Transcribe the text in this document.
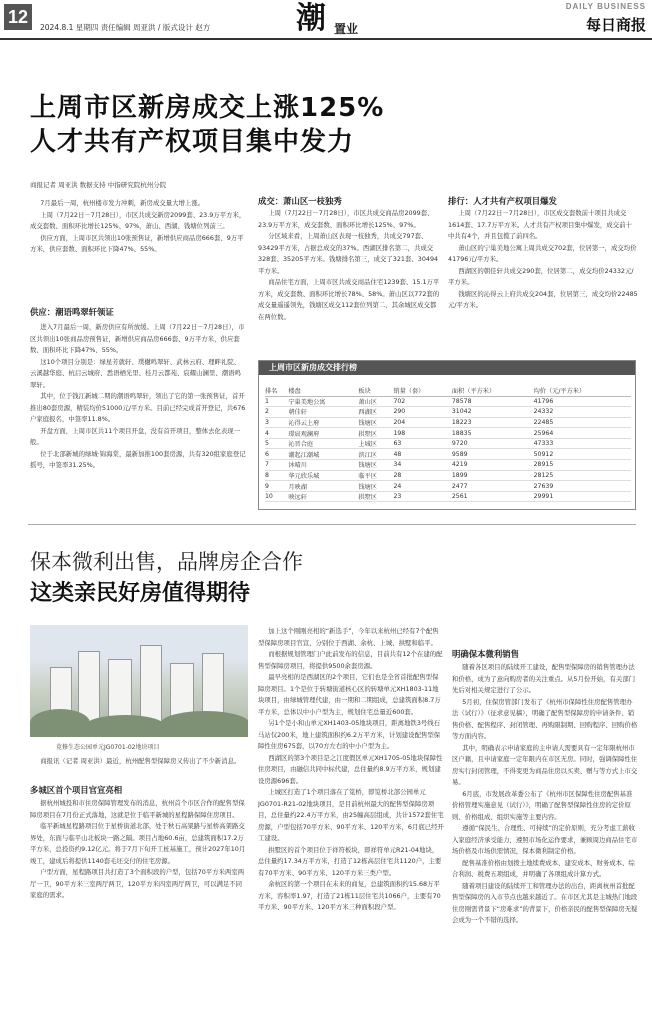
12
2024.8.1 星期四 责任编辑 周亚洪 / 版式设计 赵方	潮 置业
DAILY BUSINESS
每日商报
上周市区新房成交上涨125%
人才共有产权项目集中发力
商报记者 周亚洪 数据支持 中指研究院杭州分院

7月最后一周，杭州楼市发力冲刺，新房成交量大增上涨。

上周（7月22日－7月28日），市区共成交新房2099套、23.9万平方米，成交套数、面积环比增长125%、97%，萧山、西湖、钱塘位列前三。

供应方面，上周市区共领出10张预售证，新增供应商品房666套、9万平方米，供应套数、面积环比下降47%、55%。

供应：潮语鸣翠轩领证

进入7月最后一周，新房供应有所放缓。上周（7月22日－7月28日），市区共领出10张商品房预售证，新增供应商品房666套、9万平方米，供应套数、面积环比下降47%、55%。

这10个项目分别是：绿星芳就轩、璞樾鸣翠轩、武林云府、理畔礼院、云溪越华庭、杭启云城府、悉语栖光里、桂月云都苑、宸耀山澜里、潮语鸣翠轩。

其中，位于钱江新城二期的潮语鸣翠轩，领出了它的第一张预售证，首开推出80套房源，精装均价51000元/平方米。目前已经完成首开登记，共676户家庭报名，中签率11.8%。

开盘方面，上周市区共11个项目开盘，没有首开项目，整体去化表现一般。

位于北部新城的绿城·锦海棠，最新加推100套房源，共有320组家庭登记摇号，中签率31.25%。

成交：萧山区一枝独秀

上周（7月22日－7月28日），市区共成交商品房2099套、23.9万平方米，成交套数、面积环比增长125%、97%。

分区域来看，上周萧山区表现一枝独秀，共成交797套、93429平方米，占据总成交的37%。西湖区排名第二，共成交328套、35205平方米。钱塘排名第三，成交了321套、30494平方米。

商品住宅方面，上周市区共成交商品住宅1239套、15.1万平方米，成交套数、面积环比增长78%、58%。萧山区以772套的成交量遥遥领先，钱塘区成交112套位列第二，其余城区成交都在两位数。

排行：人才共有产权项目爆发

上周（7月22日－7月28日），市区成交套数前十项目共成交1614套、17.7万平方米。人才共有产权项目集中爆发，成交前十中共有4个，并且包揽了前四名。

萧山区的宁巢美地公寓上周共成交702套，位居第一，成交均价41796元/平方米。

西湖区的朝佳轩共成交290套，位居第二，成交均价24332元/平方米。

钱塘区的沁得云上府共成交204套，位居第三，成交均价22485元/平方米。

上周市区新房成交排行榜
排名	楼盘	板块	销量（套）	面积（平方米）	均价（元/平方米）
1	宁巢美地公寓	萧山区	702	78578	41796
2	朝佳轩	西湖区	290	31042	24332
3	沁得云上府	钱塘区	204	18223	22485
4	璟宸观澜府	拱墅区	198	18835	25964
5	沁晋合庭	上城区	63	9720	47333
6	潮起江潮城	滨江区	48	9589	50912
7	沐晴川	钱塘区	34	4219	28915
8	华元欣乐城	临平区	28	1899	28125
9	月映湖	钱塘区	24	2477	27639
10	映远轩	拱墅区	23	2561	29991
保本微利出售，品牌房企合作
这类亲民好房值得期待
莧修生态公园单元JG0701-02地块项目

商报讯（记者 周亚洪）最近，杭州配售型保障房又传出了不少新消息。

多城区首个项目官宣亮相

据杭州城投和市住房保障管理发布的消息，杭州首个市区合作的配售型保障房项目在7月份正式落地，这就是位于临平新城的星程路保障住房项目。

临平新城星程路项目位于星桥街道北部，处于秋石高架路与星桥高架路交界处，东面与临平山北板块一路之隔。项目占地60.6亩，总建筑面积17.2万平方米，总投资约9.12亿元。将于7月下旬开工桩基施工，预计2027年10月竣工，建成后将提供1140套毛坯交付的住宅房源。

户型方面，星程路项目共打造了3个面积段的户型，包括70平方米两室两厅一卫，90平方米三室两厅两卫，120平方米四室两厅两卫，可以满足不同家庭的需求。

加上这个刚刚亮相的“新选手”，今年以来杭州已经有7个配售型保障房项目官宣，分别位于西湖、余杭、上城、拱墅和临平。

而根据规划管理门户此前发布的信息，目前共有12个在建的配售型保障房项目，将提供9500余套房源。

最早亮相的是西湖区的2个项目，它们也是全省首批配售型保障房项目。1个是位于转塘街道核心区的转塘单元XH1803-11地块项目，由绿城管理代建，由一期和二期组成，总建筑面积8.7万平方米，总体以中小户型为主，规划住宅总量近600套。

另1个是小和山单元XH1403-05地块项目，距离地铁3号线石马站仅200米，地上建筑面积约6.2万平方米，计划建设配售型保障性住房675套，以70方左右的中小户型为主。

西湖区的第3个项目是之江度假区单元XH1705-05地块保障性住房项目，由融信共同中标代建，总住量约8.9万平方米，规划建设房源696套。

上城区打造了1个项目落在了笕桥，即笕桥北部公园单元JG0701-R21-02地块项目，是目前杭州最大的配售型保障房项目，总住量约22.4万平方米，由25幢高层组成，共计1572套住宅房源，户型包括70平方米、90平方米、120平方米，6月底已经开工建设。

拱墅区的首个项目位于祥符板块，即祥符单元R21-04地块，总住量约17.34万平方米，打造了12栋高层住宅共1120户，主要有70平方米、90平方米、120平方米三类户型。

余杭区的第一个项目在未来的商复，总建筑面积约15.68万平方米，容积率1.97，打造了21栋11层住宅共1066户，主要有70平方米、90平方米、120平方米三种面积段户型。

明确保本微利销售

随着各区项目的陆续开工建设，配售型保障房的销售管理办法和价格，成为了意向购房者的关注重点。从5月份开始，有关部门先后对相关规定进行了公示。

5月初，住保房管部门发布了《杭州市保障性住房配售管理办法（试行）》（征求意见稿），明确了配售型保障房的申请条件、销售价格、配售程序、封闭管理、再购限制期、回购程序、回购价格等方面内容。

其中，明确表示申请家庭的主申请人需要具有一定年限杭州市区户籍，且申请家庭一定年限内在市区无房。同时，强调保障性住房实行封闭管理，不得变更为商品住房以买卖、赠与等方式上市交易。

6月底，市发展改革委公布了《杭州市区保障性住房配售基准价格管理实施意见（试行）》，明确了配售型保障性住房的定价原则、价格组成、组织实施等主要内容。

遵循“保民生、合理性、可持续”的定价原则，充分考虑工薪收入家庭经济承受能力，遵照市场化运作要求，兼顾周边商品住宅市场价格及市场供需情况，保本微利制定价格。

配售基准价格由划拨土地续费成本、建安成本、财务成本、综合利润、税费五项组成，并明确了各项组成计算方式。

随着项目建设的陆续开工和管理办法的出台，距离杭州首批配售型保障房的入市节点也越来越近了。在市区尤其是主城热门地段住房刚需背景下“房难求”的背景下，价格亲民的配售型保障房无疑会成为一个不错的选择。
